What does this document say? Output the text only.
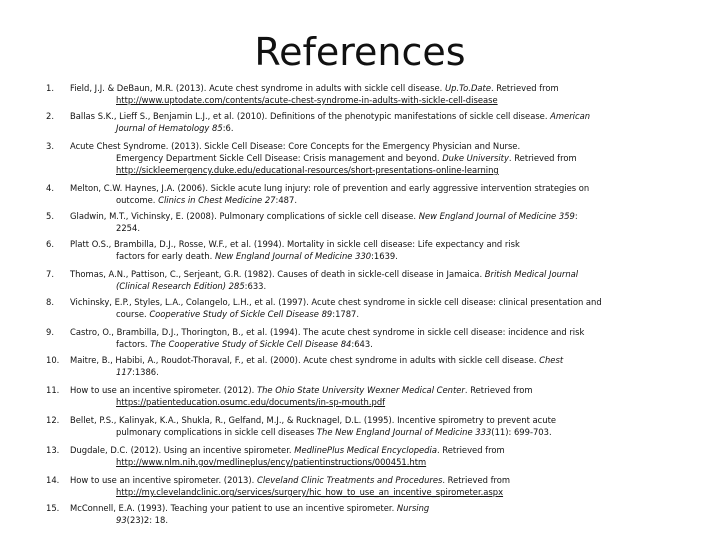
References
1.	Field, J.J. & DeBaun, M.R. (2013). Acute chest syndrome in adults with sickle cell disease. Up.To.Date. Retrieved from
http://www.uptodate.com/contents/acute-chest-syndrome-in-adults-with-sickle-cell-disease
2.	Ballas S.K., Lieff S., Benjamin L.J., et al. (2010). Definitions of the phenotypic manifestations of sickle cell disease. American
Journal of Hematology 85:6.
3.	Acute Chest Syndrome. (2013). Sickle Cell Disease: Core Concepts for the Emergency Physician and Nurse.
Emergency Department Sickle Cell Disease: Crisis management and beyond. Duke University. Retrieved from
http://sickleemergency.duke.edu/educational-resources/short-presentations-online-learning
4.	Melton, C.W. Haynes, J.A. (2006). Sickle acute lung injury: role of prevention and early aggressive intervention strategies on
outcome. Clinics in Chest Medicine 27:487.
5.	Gladwin, M.T., Vichinsky, E. (2008). Pulmonary complications of sickle cell disease. New England Journal of Medicine 359:
2254.
6.	Platt O.S., Brambilla, D.J., Rosse, W.F., et al. (1994). Mortality in sickle cell disease: Life expectancy and risk
factors for early death. New England Journal of Medicine 330:1639.
7.	Thomas, A.N., Pattison, C., Serjeant, G.R. (1982). Causes of death in sickle-cell disease in Jamaica. British Medical Journal
(Clinical Research Edition) 285:633.
8.	Vichinsky, E.P., Styles, L.A., Colangelo, L.H., et al. (1997). Acute chest syndrome in sickle cell disease: clinical presentation and
course. Cooperative Study of Sickle Cell Disease 89:1787.
9.	Castro, O., Brambilla, D.J., Thorington, B., et al. (1994). The acute chest syndrome in sickle cell disease: incidence and risk
factors. The Cooperative Study of Sickle Cell Disease 84:643.
10.	Maitre, B., Habibi, A., Roudot-Thoraval, F., et al. (2000). Acute chest syndrome in adults with sickle cell disease. Chest
117:1386.
11.	How to use an incentive spirometer. (2012). The Ohio State University Wexner Medical Center. Retrieved from
https://patienteducation.osumc.edu/documents/in-sp-mouth.pdf
12.	Bellet, P.S., Kalinyak, K.A., Shukla, R., Gelfand, M.J., & Rucknagel, D.L. (1995). Incentive spirometry to prevent acute
pulmonary complications in sickle cell diseases The New England Journal of Medicine 333(11): 699-703.
13.	Dugdale, D.C. (2012). Using an incentive spirometer. MedlinePlus Medical Encyclopedia. Retrieved from
http://www.nlm.nih.gov/medlineplus/ency/patientinstructions/000451.htm
14.	How to use an incentive spirometer. (2013). Cleveland Clinic Treatments and Procedures. Retrieved from
http://my.clevelandclinic.org/services/surgery/hic_how_to_use_an_incentive_spirometer.aspx
15.	McConnell, E.A. (1993). Teaching your patient to use an incentive spirometer. Nursing
93(23)2: 18.
